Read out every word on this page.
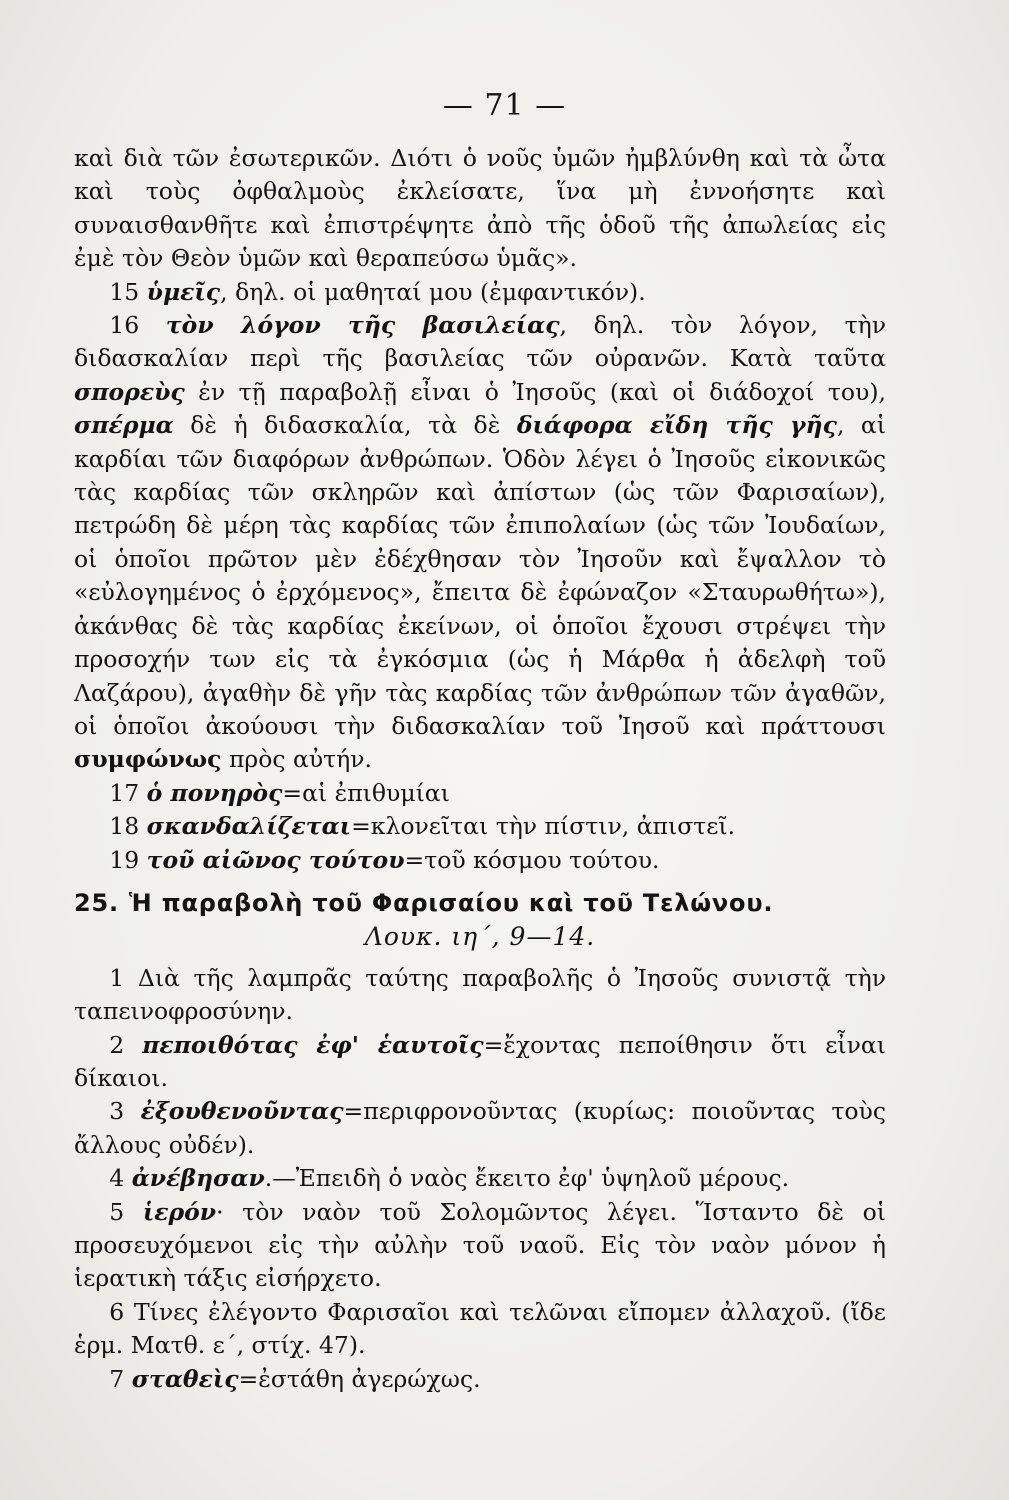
— 71 —

καὶ διὰ τῶν ἐσωτερικῶν. Διότι ὁ νοῦς ὑμῶν ἠμβλύνθη καὶ τὰ ὦτα καὶ τοὺς ὀφθαλμοὺς ἐκλείσατε, ἵνα μὴ ἐννοήσητε καὶ συναισθανθῆτε καὶ ἐπιστρέψητε ἀπὸ τῆς ὁδοῦ τῆς ἀπωλείας εἰς ἐμὲ τὸν Θεὸν ὑμῶν καὶ θεραπεύσω ὑμᾶς».

15 ὑμεῖς, δηλ. οἱ μαθηταί μου (ἐμφαντικόν).

16 τὸν λόγον τῆς βασιλείας, δηλ. τὸν λόγον, τὴν διδασκαλίαν περὶ τῆς βασιλείας τῶν οὐρανῶν. Κατὰ ταῦτα σπορεὺς ἐν τῇ παραβολῇ εἶναι ὁ Ἰησοῦς (καὶ οἱ διάδοχοί του), σπέρμα δὲ ἡ διδασκαλία, τὰ δὲ διάφορα εἴδη τῆς γῆς, αἱ καρδίαι τῶν διαφόρων ἀνθρώπων. Ὁδὸν λέγει ὁ Ἰησοῦς εἰκονικῶς τὰς καρδίας τῶν σκληρῶν καὶ ἀπίστων (ὡς τῶν Φαρισαίων), πετρώδη δὲ μέρη τὰς καρδίας τῶν ἐπιπολαίων (ὡς τῶν Ἰουδαίων, οἱ ὁποῖοι πρῶτον μὲν ἐδέχθησαν τὸν Ἰησοῦν καὶ ἔψαλλον τὸ «εὐλογημένος ὁ ἐρχόμενος», ἔπειτα δὲ ἐφώναζον «Σταυρωθήτω»), ἀκάνθας δὲ τὰς καρδίας ἐκείνων, οἱ ὁποῖοι ἔχουσι στρέψει τὴν προσοχήν των εἰς τὰ ἐγκόσμια (ὡς ἡ Μάρθα ἡ ἀδελφὴ τοῦ Λαζάρου), ἀγαθὴν δὲ γῆν τὰς καρδίας τῶν ἀνθρώπων τῶν ἀγαθῶν, οἱ ὁποῖοι ἀκούουσι τὴν διδασκαλίαν τοῦ Ἰησοῦ καὶ πράττουσι συμφώνως πρὸς αὐτήν.

17 ὁ πονηρὸς=αἱ ἐπιθυμίαι

18 σκανδαλίζεται=κλονεῖται τὴν πίστιν, ἀπιστεῖ.

19 τοῦ αἰῶνος τούτου=τοῦ κόσμου τούτου.

25. Ἡ παραβολὴ τοῦ Φαρισαίου καὶ τοῦ Τελώνου.

Λουκ. ιη΄, 9—14.

1 Διὰ τῆς λαμπρᾶς ταύτης παραβολῆς ὁ Ἰησοῦς συνιστᾷ τὴν ταπεινοφροσύνην.

2 πεποιθότας ἐφ' ἑαυτοῖς=ἔχοντας πεποίθησιν ὅτι εἶναι δίκαιοι.

3 ἐξουθενοῦντας=περιφρονοῦντας (κυρίως: ποιοῦντας τοὺς ἄλλους οὐδέν).

4 ἀνέβησαν.—Ἐπειδὴ ὁ ναὸς ἔκειτο ἐφ' ὑψηλοῦ μέρους.

5 ἱερόν· τὸν ναὸν τοῦ Σολομῶντος λέγει. Ἵσταντο δὲ οἱ προσευχόμενοι εἰς τὴν αὐλὴν τοῦ ναοῦ. Εἰς τὸν ναὸν μόνον ἡ ἱερατικὴ τάξις εἰσήρχετο.

6 Τίνες ἐλέγοντο Φαρισαῖοι καὶ τελῶναι εἴπομεν ἀλλαχοῦ. (ἴδε ἑρμ. Ματθ. ε΄, στίχ. 47).

7 σταθεὶς=ἐστάθη ἀγερώχως.
